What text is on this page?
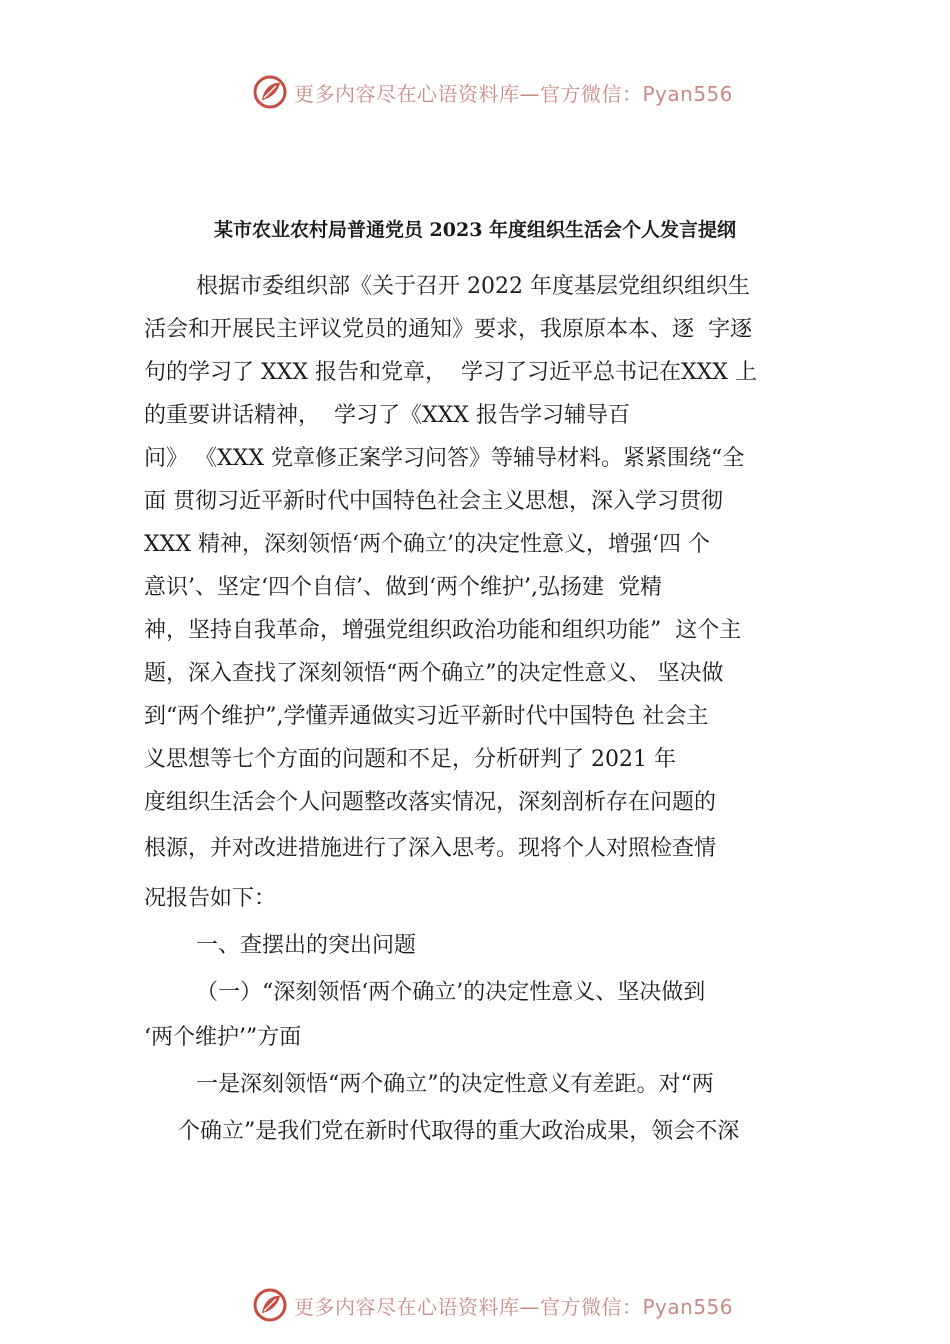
更多内容尽在心语资料库—官方微信：Pyan556
某市农业农村局普通党员 2023 年度组织生活会个人发言提纲
根据市委组织部《关于召开 2022 年度基层党组织组织生
活会和开展民主评议党员的通知》要求，我原原本本、逐  字逐
句的学习了 XXX 报告和党章，  学习了习近平总书记在XXX 上
的重要讲话精神，  学习了《XXX 报告学习辅导百
问》 《XXX 党章修正案学习问答》等辅导材料。紧紧围绕“全
面 贯彻习近平新时代中国特色社会主义思想，深入学习贯彻
XXX 精神，深刻领悟‘两个确立’的决定性意义，增强‘四 个
意识’、坚定‘四个自信’、做到‘两个维护’,弘扬建  党精
神，坚持自我革命，增强党组织政治功能和组织功能”  这个主
题，深入查找了深刻领悟“两个确立”的决定性意义、 坚决做
到“两个维护”,学懂弄通做实习近平新时代中国特色 社会主
义思想等七个方面的问题和不足，分析研判了 2021 年
度组织生活会个人问题整改落实情况，深刻剖析存在问题的
根源，并对改进措施进行了深入思考。现将个人对照检查情
况报告如下：
一、查摆出的突出问题
（一）“深刻领悟‘两个确立’的决定性意义、坚决做到
‘两个维护’”方面
一是深刻领悟“两个确立”的决定性意义有差距。对“两
个确立”是我们党在新时代取得的重大政治成果，领会不深
更多内容尽在心语资料库—官方微信：Pyan556
